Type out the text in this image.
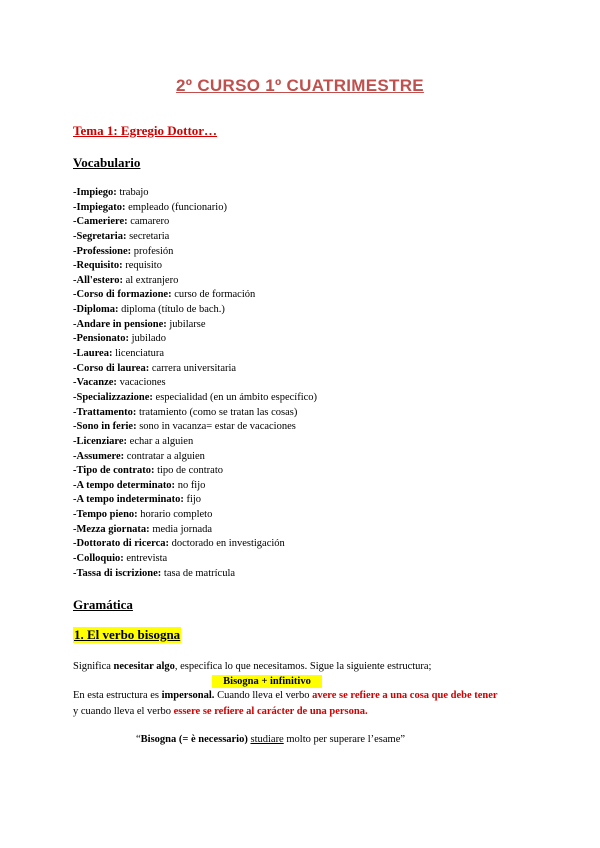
2º CURSO 1º CUATRIMESTRE
Tema 1: Egregio Dottor…
Vocabulario
-Impiego: trabajo
-Impiegato: empleado (funcionario)
-Cameriere: camarero
-Segretaria: secretaria
-Professione: profesión
-Requisito: requisito
-All'estero: al extranjero
-Corso di formazione: curso de formación
-Diploma: diploma (título de bach.)
-Andare in pensione: jubilarse
-Pensionato: jubilado
-Laurea: licenciatura
-Corso di laurea: carrera universitaria
-Vacanze: vacaciones
-Specializzazione: especialidad (en un ámbito específico)
-Trattamento: tratamiento (como se tratan las cosas)
-Sono in ferie: sono in vacanza= estar de vacaciones
-Licenziare: echar a alguien
-Assumere: contratar a alguien
-Tipo de contrato: tipo de contrato
-A tempo determinato: no fijo
-A tempo indeterminato: fijo
-Tempo pieno: horario completo
-Mezza giornata: media jornada
-Dottorato di ricerca: doctorado en investigación
-Colloquio: entrevista
-Tassa di iscrizione: tasa de matrícula
Gramática
1. El verbo bisogna

Significa necesitar algo, especifica lo que necesitamos. Sigue la siguiente estructura;

Bisogna + infinitivo

En esta estructura es impersonal. Cuando lleva el verbo avere se refiere a una cosa que debe tener

y cuando lleva el verbo essere se refiere al carácter de una persona.

“Bisogna (= è necessario) studiare molto per superare l’esame”
